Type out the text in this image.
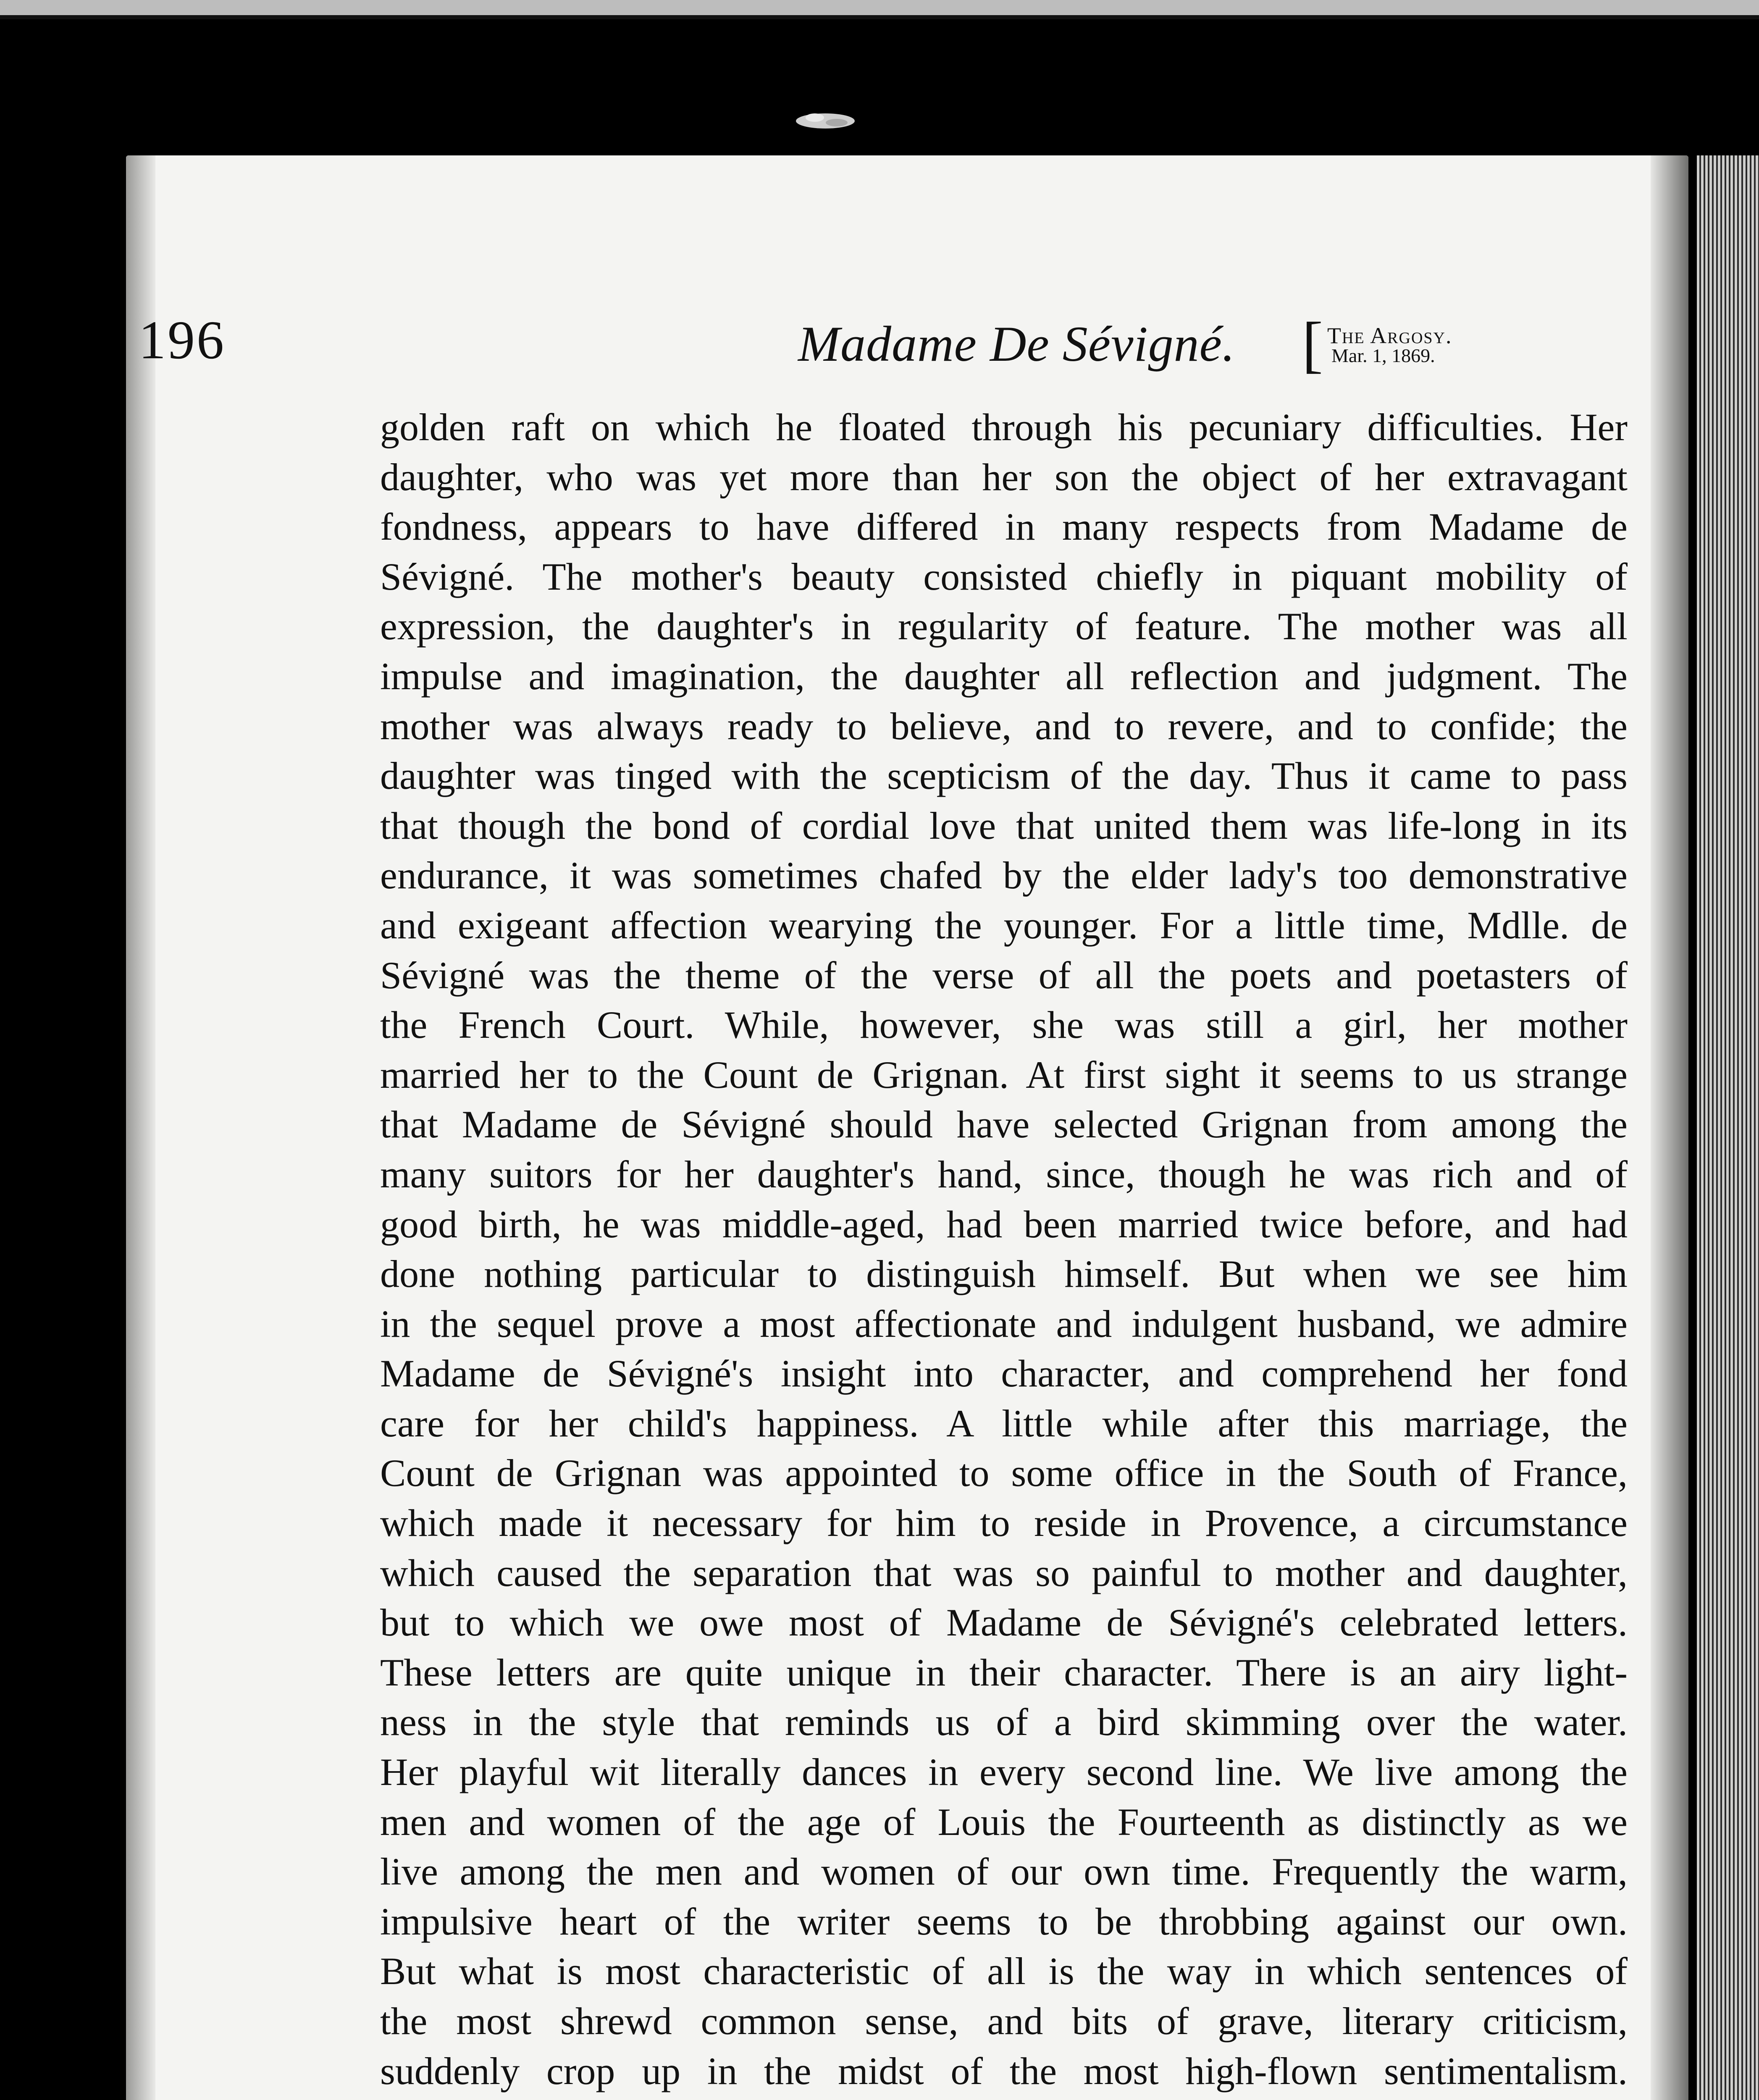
196	Madame De Sévigné. [ The Argosy.
Mar. 1, 1869.
golden raft on which he floated through his pecuniary difficulties. Her
daughter, who was yet more than her son the object of her extravagant
fondness, appears to have differed in many respects from Madame de
Sévigné. The mother's beauty consisted chiefly in piquant mobility of
expression, the daughter's in regularity of feature. The mother was all
impulse and imagination, the daughter all reflection and judgment. The
mother was always ready to believe, and to revere, and to confide; the
daughter was tinged with the scepticism of the day. Thus it came to pass
that though the bond of cordial love that united them was life-long in its
endurance, it was sometimes chafed by the elder lady's too demonstrative
and exigeant affection wearying the younger. For a little time, Mdlle. de
Sévigné was the theme of the verse of all the poets and poetasters of
the French Court. While, however, she was still a girl, her mother
married her to the Count de Grignan. At first sight it seems to us strange
that Madame de Sévigné should have selected Grignan from among the
many suitors for her daughter's hand, since, though he was rich and of
good birth, he was middle-aged, had been married twice before, and had
done nothing particular to distinguish himself. But when we see him
in the sequel prove a most affectionate and indulgent husband, we admire
Madame de Sévigné's insight into character, and comprehend her fond
care for her child's happiness. A little while after this marriage, the
Count de Grignan was appointed to some office in the South of France,
which made it necessary for him to reside in Provence, a circumstance
which caused the separation that was so painful to mother and daughter,
but to which we owe most of Madame de Sévigné's celebrated letters.
These letters are quite unique in their character. There is an airy light-
ness in the style that reminds us of a bird skimming over the water.
Her playful wit literally dances in every second line. We live among the
men and women of the age of Louis the Fourteenth as distinctly as we
live among the men and women of our own time. Frequently the warm,
impulsive heart of the writer seems to be throbbing against our own.
But what is most characteristic of all is the way in which sentences of
the most shrewd common sense, and bits of grave, literary criticism,
suddenly crop up in the midst of the most high-flown sentimentalism.
